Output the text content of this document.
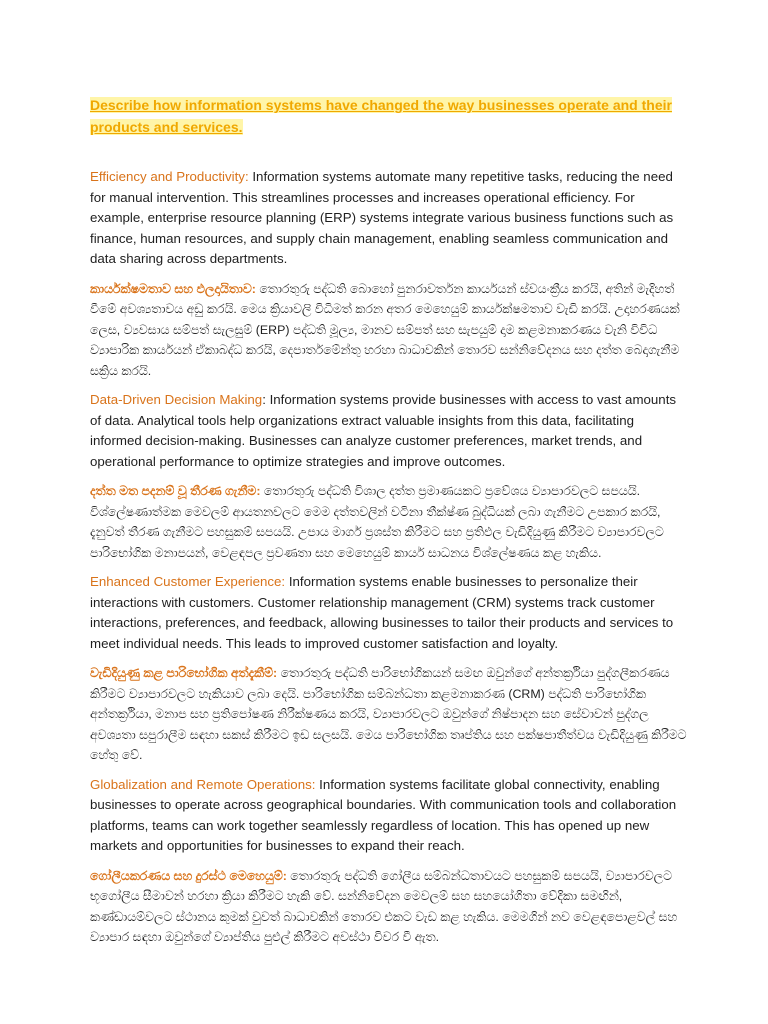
Describe how information systems have changed the way businesses operate and their products and services.

Efficiency and Productivity: Information systems automate many repetitive tasks, reducing the need for manual intervention. This streamlines processes and increases operational efficiency. For example, enterprise resource planning (ERP) systems integrate various business functions such as finance, human resources, and supply chain management, enabling seamless communication and data sharing across departments.

කාර්යක්ෂමතාව සහ ඵලදායිතාව: තොරතුරු පද්ධති බොහෝ පුනරාවර්තන කාර්යයන් ස්වයංක්‍රීය කරයි, අතින් මැදිහත් වීමේ අවශ්‍යතාවය අඩු කරයි. මෙය ක්‍රියාවලි විධිමත් කරන අතර මෙහෙයුම් කාර්යක්ෂමතාව වැඩි කරයි. උදාහරණයක් ලෙස, ව්‍යවසාය සම්පත් සැලසුම් (ERP) පද්ධති මූල්‍ය, මානව සම්පත් සහ සැපයුම් දාම කළමනාකරණය වැනි විවිධ ව්‍යාපාරික කාර්යයන් ඒකාබද්ධ කරයි, දෙපාර්තමේන්තු හරහා බාධාවකින් තොරව සන්නිවේදනය සහ දත්ත බෙදාගැනීම සක්‍රිය කරයි.

Data-Driven Decision Making: Information systems provide businesses with access to vast amounts of data. Analytical tools help organizations extract valuable insights from this data, facilitating informed decision-making. Businesses can analyze customer preferences, market trends, and operational performance to optimize strategies and improve outcomes.

දත්ත මත පදනම් වූ තීරණ ගැනීම: තොරතුරු පද්ධති විශාල දත්ත ප්‍රමාණයකට ප්‍රවේශය ව්‍යාපාරවලට සපයයි. විශ්ලේෂණාත්මක මෙවලම් ආයතනවලට මෙම දත්තවලින් වටිනා තීක්ෂ්ණ බුද්ධියක් ලබා ගැනීමට උපකාර කරයි, දැනුවත් තීරණ ගැනීමට පහසුකම් සපයයි. උපාය මාර්ග ප්‍රශස්ත කිරීමට සහ ප්‍රතිඵල වැඩිදියුණු කිරීමට ව්‍යාපාරවලට පාරිභෝගික මනාපයන්, වෙළඳපල ප්‍රවණතා සහ මෙහෙයුම් කාර්ය සාධනය විශ්ලේෂණය කළ හැකිය.

Enhanced Customer Experience: Information systems enable businesses to personalize their interactions with customers. Customer relationship management (CRM) systems track customer interactions, preferences, and feedback, allowing businesses to tailor their products and services to meet individual needs. This leads to improved customer satisfaction and loyalty.

වැඩිදියුණු කළ පාරිභෝගික අත්දැකීම්: තොරතුරු පද්ධති පාරිභෝගිකයන් සමඟ ඔවුන්ගේ අන්තර්ක්‍රියා පුද්ගලීකරණය කිරීමට ව්‍යාපාරවලට හැකියාව ලබා දෙයි. පාරිභෝගික සම්බන්ධතා කළමනාකරණ (CRM) පද්ධති පාරිභෝගික අන්තර්ක්‍රියා, මනාප සහ ප්‍රතිපෝෂණ නිරීක්ෂණය කරයි, ව්‍යාපාරවලට ඔවුන්ගේ නිෂ්පාදන සහ සේවාවන් පුද්ගල අවශ්‍යතා සපුරාලීම සඳහා සකස් කිරීමට ඉඩ සලසයි. මෙය පාරිභෝගික තෘප්තිය සහ පක්ෂපාතීත්වය වැඩිදියුණු කිරීමට හේතු වේ.

Globalization and Remote Operations: Information systems facilitate global connectivity, enabling businesses to operate across geographical boundaries. With communication tools and collaboration platforms, teams can work together seamlessly regardless of location. This has opened up new markets and opportunities for businesses to expand their reach.

ගෝලීයකරණය සහ දුරස්ථ මෙහෙයුම්: තොරතුරු පද්ධති ගෝලීය සම්බන්ධතාවයට පහසුකම් සපයයි, ව්‍යාපාරවලට භූගෝලීය සීමාවන් හරහා ක්‍රියා කිරීමට හැකි වේ. සන්නිවේදන මෙවලම් සහ සහයෝගිතා වේදිකා සමඟින්, කණ්ඩායම්වලට ස්ථානය කුමක් වුවත් බාධාවකින් තොරව එකට වැඩ කළ හැකිය. මෙමගින් නව වෙළඳපොළවල් සහ ව්‍යාපාර සඳහා ඔවුන්ගේ ව්‍යාප්තිය පුළුල් කිරීමට අවස්ථා විවර වී ඇත.
